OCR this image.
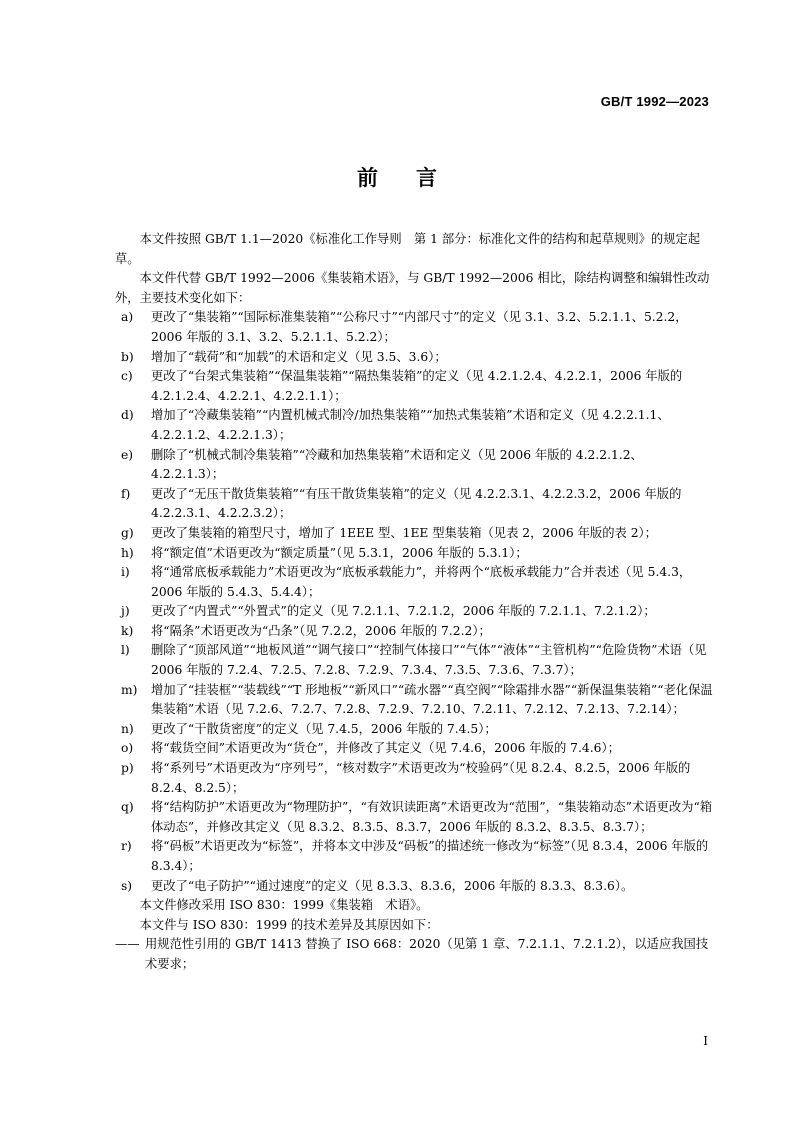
GB/T 1992—2023
前 言

本文件按照 GB/T 1.1—2020《标准化工作导则　第 1 部分：标准化文件的结构和起草规则》的规定起草。

本文件代替 GB/T 1992—2006《集装箱术语》，与 GB/T 1992—2006 相比，除结构调整和编辑性改动外，主要技术变化如下：

a)	更改了“集装箱”“国际标准集装箱”“公称尺寸”“内部尺寸”的定义（见 3.1、3.2、5.2.1.1、5.2.2，2006 年版的 3.1、3.2、5.2.1.1、5.2.2）；
b)	增加了“载荷”和“加载”的术语和定义（见 3.5、3.6）；
c)	更改了“台架式集装箱”“保温集装箱”“隔热集装箱”的定义（见 4.2.1.2.4、4.2.2.1，2006 年版的 4.2.1.2.4、4.2.2.1、4.2.2.1.1）；
d)	增加了“冷藏集装箱”“内置机械式制冷/加热集装箱”“加热式集装箱”术语和定义（见 4.2.2.1.1、4.2.2.1.2、4.2.2.1.3）；
e)	删除了“机械式制冷集装箱”“冷藏和加热集装箱”术语和定义（见 2006 年版的 4.2.2.1.2、4.2.2.1.3）；
f)	更改了“无压干散货集装箱”“有压干散货集装箱”的定义（见 4.2.2.3.1、4.2.2.3.2，2006 年版的 4.2.2.3.1、4.2.2.3.2）；
g)	更改了集装箱的箱型尺寸，增加了 1EEE 型、1EE 型集装箱（见表 2，2006 年版的表 2）；
h)	将“额定值”术语更改为“额定质量”（见 5.3.1，2006 年版的 5.3.1）；
i)	将“通常底板承载能力”术语更改为“底板承载能力”，并将两个“底板承载能力”合并表述（见 5.4.3，2006 年版的 5.4.3、5.4.4）；
j)	更改了“内置式”“外置式”的定义（见 7.2.1.1、7.2.1.2，2006 年版的 7.2.1.1、7.2.1.2）；
k)	将“隔条”术语更改为“凸条”（见 7.2.2，2006 年版的 7.2.2）；
l)	删除了“顶部风道”“地板风道”“调气接口”“控制气体接口”“气体”“液体”“主管机构”“危险货物”术语（见 2006 年版的 7.2.4、7.2.5、7.2.8、7.2.9、7.3.4、7.3.5、7.3.6、7.3.7）；
m)	增加了“挂装框”“装载线”“T 形地板”“新风口”“疏水器”“真空阀”“除霜排水器”“新保温集装箱”“老化保温集装箱”术语（见 7.2.6、7.2.7、7.2.8、7.2.9、7.2.10、7.2.11、7.2.12、7.2.13、7.2.14）；
n)	更改了“干散货密度”的定义（见 7.4.5，2006 年版的 7.4.5）；
o)	将“载货空间”术语更改为“货仓”，并修改了其定义（见 7.4.6，2006 年版的 7.4.6）；
p)	将“系列号”术语更改为“序列号”，“核对数字”术语更改为“校验码”（见 8.2.4、8.2.5，2006 年版的 8.2.4、8.2.5）；
q)	将“结构防护”术语更改为“物理防护”，“有效识读距离”术语更改为“范围”，“集装箱动态”术语更改为“箱体动态”，并修改其定义（见 8.3.2、8.3.5、8.3.7，2006 年版的 8.3.2、8.3.5、8.3.7）；
r)	将“码板”术语更改为“标签”，并将本文中涉及“码板”的描述统一修改为“标签”（见 8.3.4，2006 年版的 8.3.4）；
s)	更改了“电子防护”“通过速度”的定义（见 8.3.3、8.3.6，2006 年版的 8.3.3、8.3.6）。

本文件修改采用 ISO 830：1999《集装箱　术语》。

本文件与 ISO 830：1999 的技术差异及其原因如下：

—— 用规范性引用的 GB/T 1413 替换了 ISO 668：2020（见第 1 章、7.2.1.1、7.2.1.2），以适应我国技术要求；
I
